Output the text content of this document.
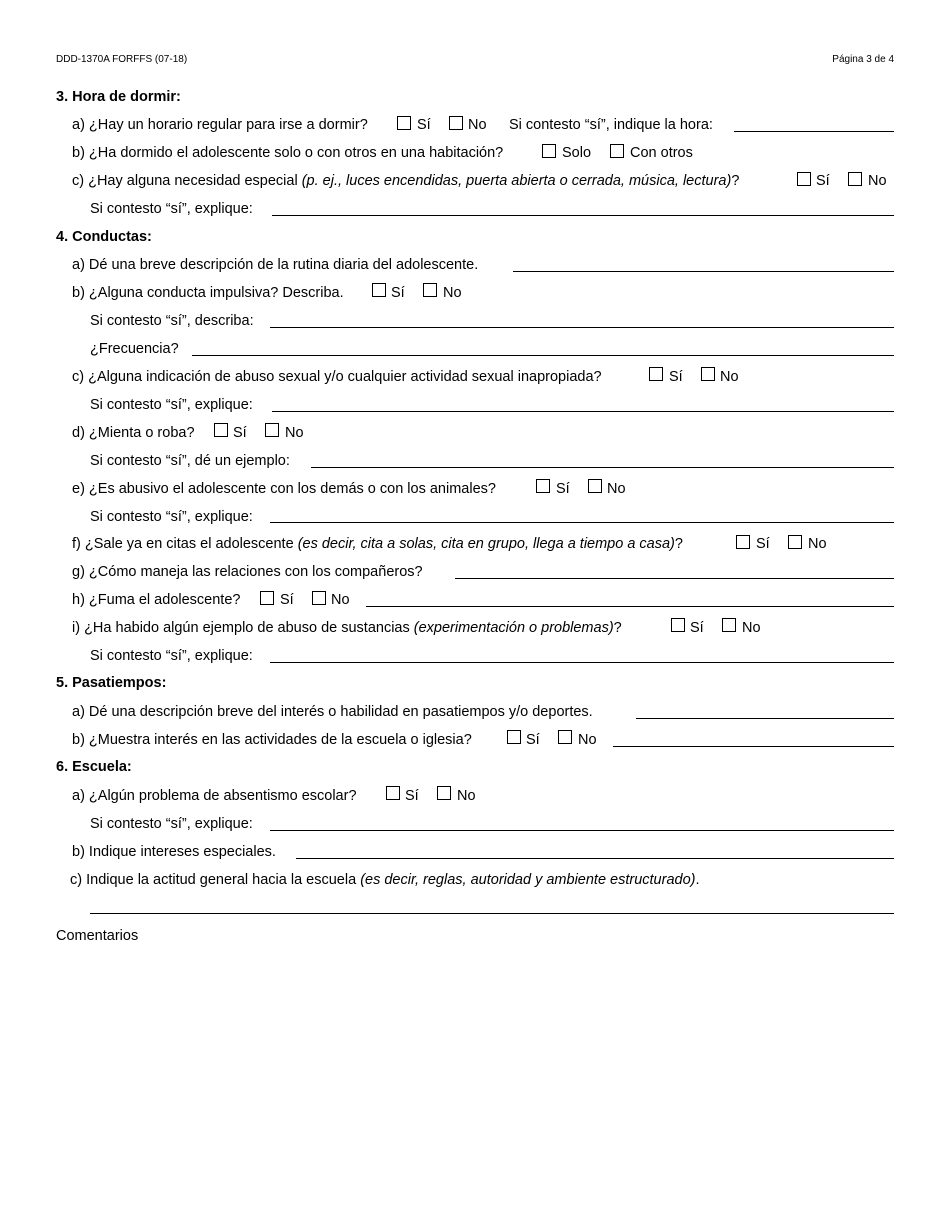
DDD-1370A FORFFS (07-18)	Página 3 de 4
3. Hora de dormir:
a) ¿Hay un horario regular para irse a dormir?	Sí	No Si contesto “sí”, indique la hora:
b) ¿Ha dormido el adolescente solo o con otros en una habitación?	Solo	Con otros
c) ¿Hay alguna necesidad especial (p. ej., luces encendidas, puerta abierta o cerrada, música, lectura)?	Sí	No
Si contesto “sí”, explique:
4. Conductas:
a) Dé una breve descripción de la rutina diaria del adolescente.
b) ¿Alguna conducta impulsiva? Describa.	Sí	No
Si contesto “sí”, describa:
¿Frecuencia?
c) ¿Alguna indicación de abuso sexual y/o cualquier actividad sexual inapropiada?	Sí	No
Si contesto “sí”, explique:
d) ¿Mienta o roba?	Sí	No
Si contesto “sí”, dé un ejemplo:
e) ¿Es abusivo el adolescente con los demás o con los animales?	Sí	No
Si contesto “sí”, explique:
f) ¿Sale ya en citas el adolescente (es decir, cita a solas, cita en grupo, llega a tiempo a casa)?	Sí	No
g) ¿Cómo maneja las relaciones con los compañeros?
h) ¿Fuma el adolescente?	Sí	No
i) ¿Ha habido algún ejemplo de abuso de sustancias (experimentación o problemas)?	Sí	No
Si contesto “sí”, explique:
5. Pasatiempos:
a) Dé una descripción breve del interés o habilidad en pasatiempos y/o deportes.
b) ¿Muestra interés en las actividades de la escuela o iglesia?	Sí	No
6. Escuela:
a) ¿Algún problema de absentismo escolar?	Sí	No
Si contesto “sí”, explique:
b) Indique intereses especiales.
c) Indique la actitud general hacia la escuela (es decir, reglas, autoridad y ambiente estructurado).
Comentarios
